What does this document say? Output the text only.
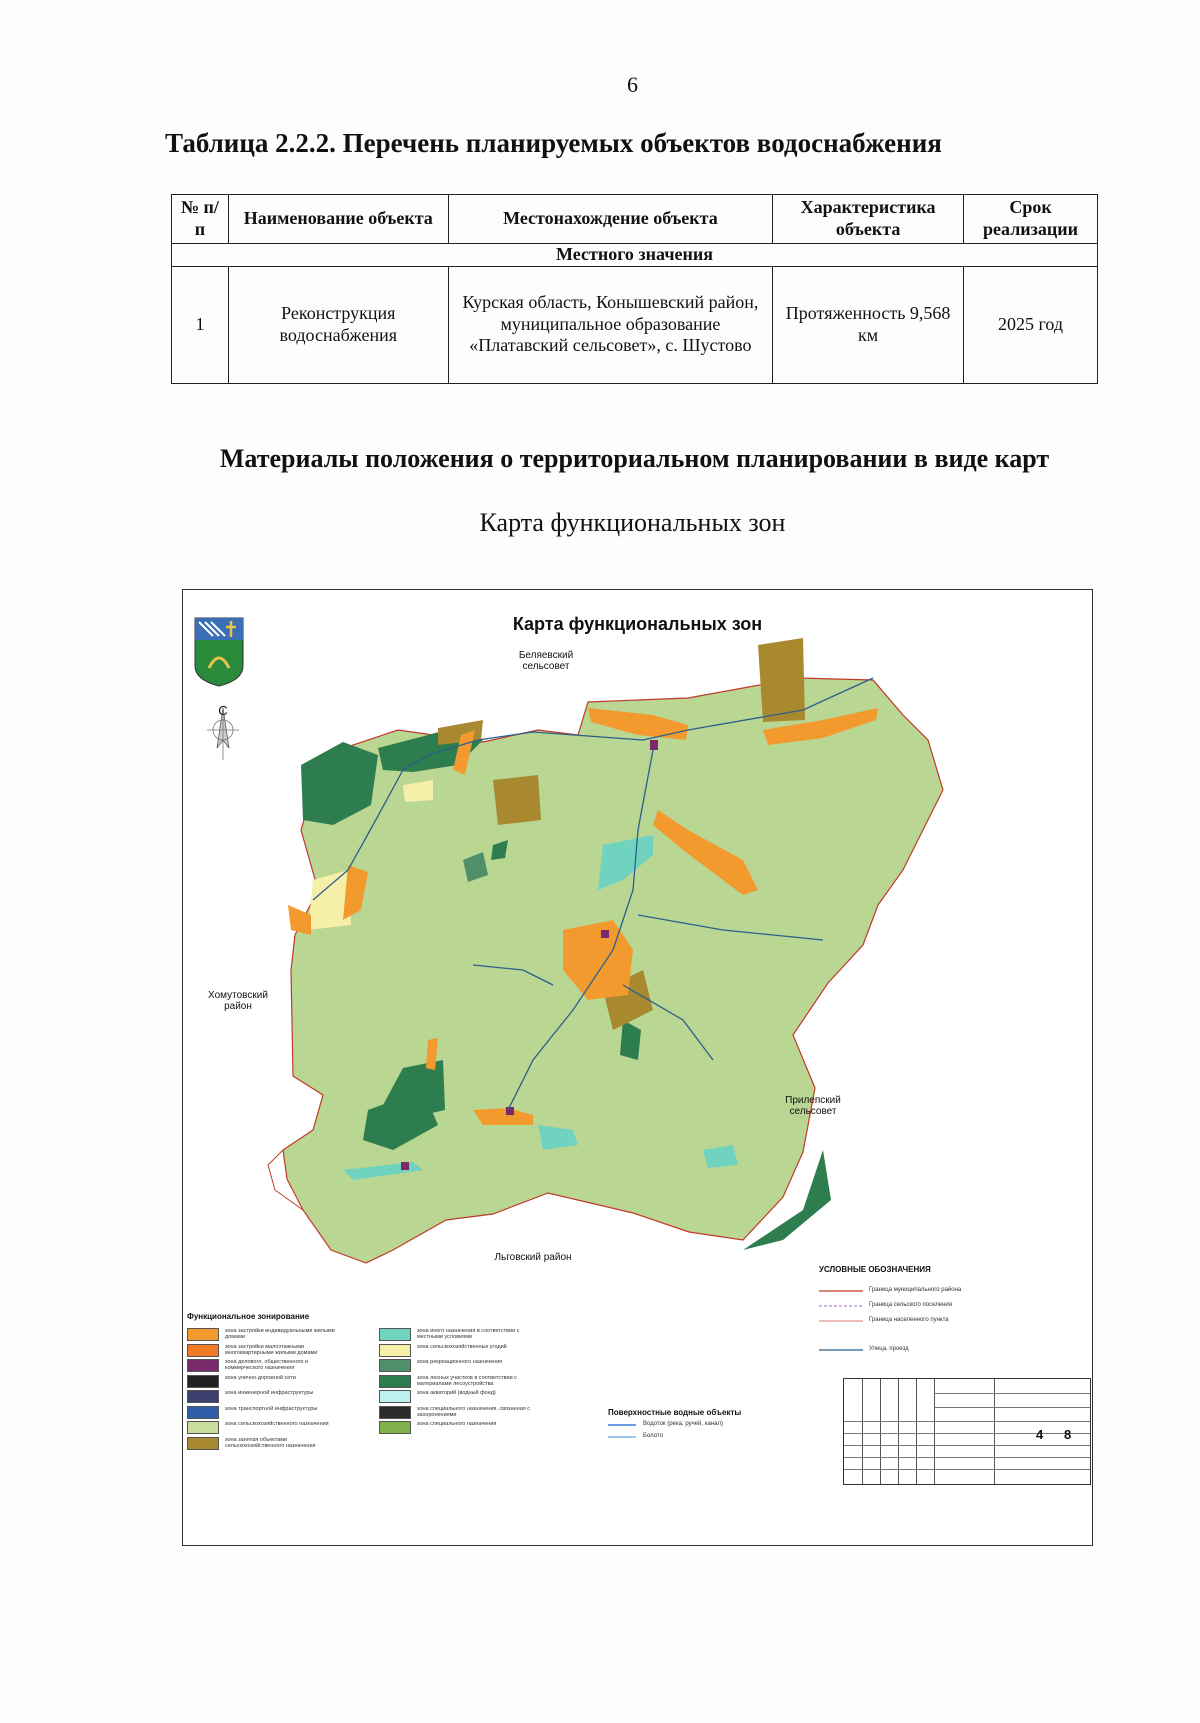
6
Таблица 2.2.2. Перечень планируемых объектов водоснабжения
№ п/п	Наименование объекта	Местонахождение объекта	Характеристика объекта	Срок реализации
Местного значения				
1	Реконструкция водоснабжения	Курская область, Конышевский район, муниципальное образование «Платавский сельсовет», с. Шустово	Протяженность 9,568 км	2025 год
Материалы положения о территориальном планировании в виде карт
Карта функциональных зон
Карта функциональных зон
Беляевский сельсовет
Хомутовский район
Прилепский сельсовет
Льговский район
С
УСЛОВНЫЕ ОБОЗНАЧЕНИЯ
Граница муниципального района
Граница сельского поселения
Граница населенного пункта
Улица, проезд
Функциональное зонирование
Поверхностные водные объекты
Водоток (река, ручей, канал)
Болото	4 8
зона застройки индивидуальными жилыми домами
зона застройки малоэтажными многоквартирными жилыми домами
зона делового, общественного и коммерческого назначения
зона улично-дорожной сети
зона инженерной инфраструктуры
зона транспортной инфраструктуры
зона сельскохозяйственного назначения
зона занятая объектами сельскохозяйственного назначения
зона иного назначения в соответствии с местными условиями
зона сельскохозяйственных угодий
зона рекреационного назначения
зона лесных участков в соответствии с материалами лесоустройства
зона акваторий (водный фонд)
зона специального назначения, связанная с захоронениями
зона специального назначения
